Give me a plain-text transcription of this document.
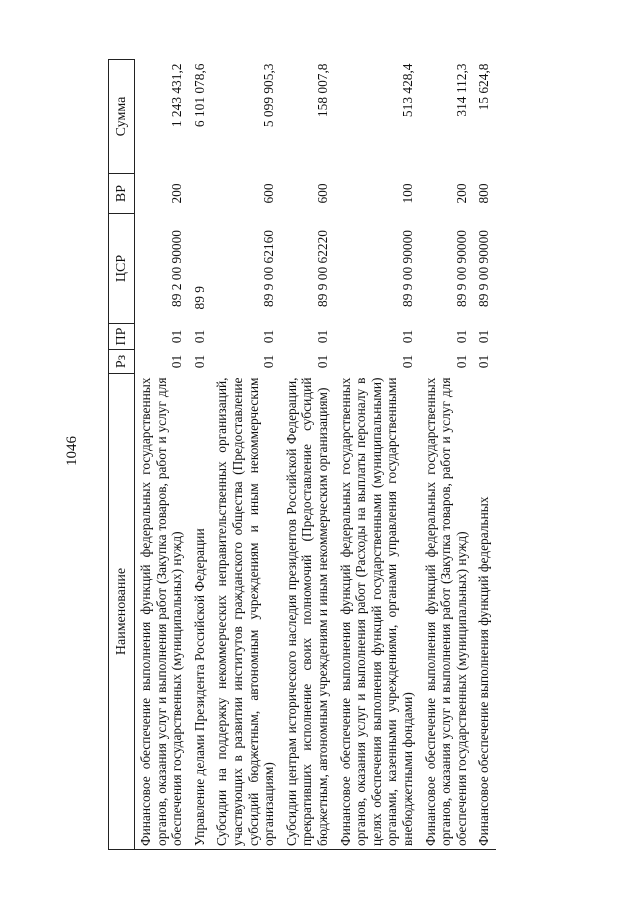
1046
Наименование	Рз	ПР	ЦСР	ВР	Сумма
Финансовое обеспечение выполнения функций федеральных государственных органов, оказания услуг и выполнения работ (Закупка товаров, работ и услуг для обеспечения государственных (муниципальных) нужд)	01	01	89 2 00 90000	200	1 243 431,2
Управление делами Президента Российской Федерации	01	01	89 9		6 101 078,6
Субсидии на поддержку некоммерческих неправительственных организаций, участвующих в развитии институтов гражданского общества (Предоставление субсидий бюджетным, автономным учреждениям и иным некоммерческим организациям)	01	01	89 9 00 62160	600	5 099 905,3
Субсидии центрам исторического наследия президентов Российской Федерации, прекративших исполнение своих полномочий (Предоставление субсидий бюджетным, автономным учреждениям и иным некоммерческим организациям)	01	01	89 9 00 62220	600	158 007,8
Финансовое обеспечение выполнения функций федеральных государственных органов, оказания услуг и выполнения работ (Расходы на выплаты персоналу в целях обеспечения выполнения функций государственными (муниципальными) органами, казенными учреждениями, органами управления государственными внебюджетными фондами)	01	01	89 9 00 90000	100	513 428,4
Финансовое обеспечение выполнения функций федеральных государственных органов, оказания услуг и выполнения работ (Закупка товаров, работ и услуг для обеспечения государственных (муниципальных) нужд)	01	01	89 9 00 90000	200	314 112,3
Финансовое обеспечение выполнения функций федеральных	01	01	89 9 00 90000	800	15 624,8
